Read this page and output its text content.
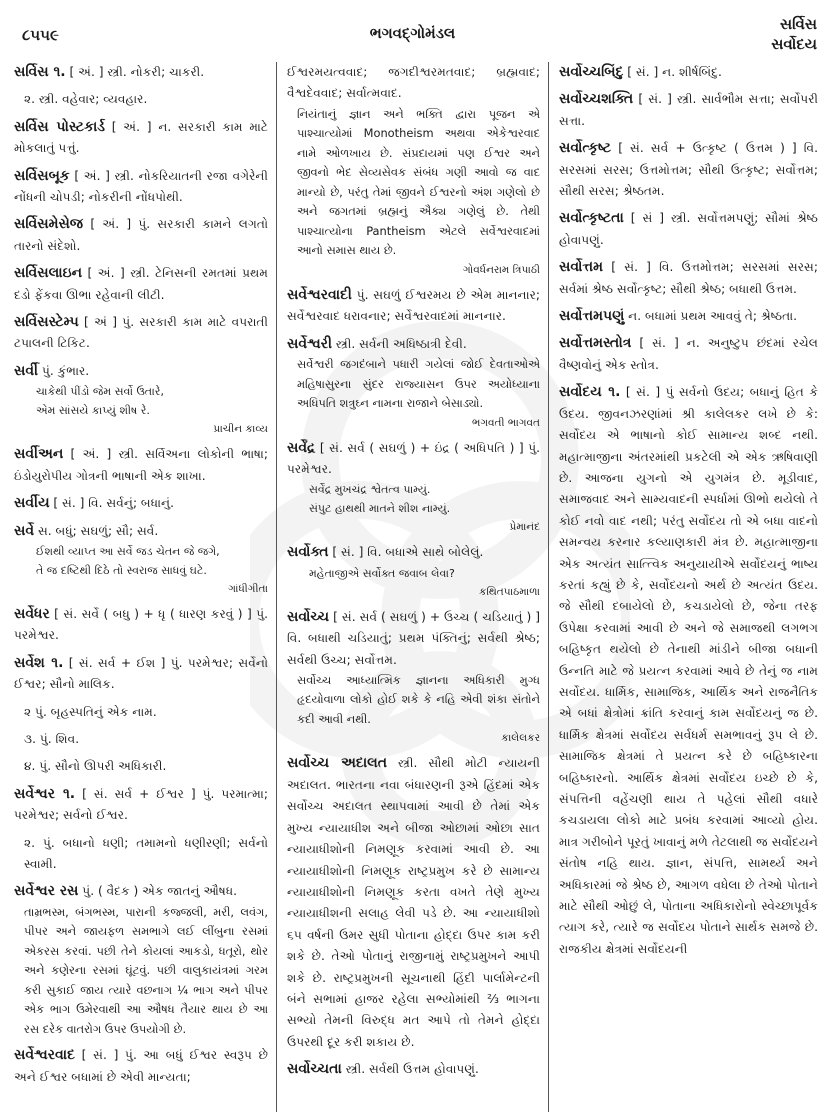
૮૫૫૯	ભગવદ્ગોમંડલ	સર્વિસ
સર્વોદય
સર્વિસ ૧. [ અં. ] સ્ત્રી. નોકરી; ચાકરી.
૨. સ્ત્રી. વહેવાર; વ્યવહાર.
સર્વિસ પોસ્ટકાર્ડ [ અં. ] ન. સરકારી કામ માટે મોકલાતું પત્તું.
સર્વિસબૂક [ અં. ] સ્ત્રી. નોકરિયાતની રજા વગેરેની નોંધની ચોપડી; નોકરીની નોંધપોથી.
સર્વિસમેસેજ [ અં. ] પું. સરકારી કામને લગતો તારનો સંદેશો.
સર્વિસલાઇન [ અં. ] સ્ત્રી. ટેનિસની રમતમાં પ્રથમ દડો ફેંકવા ઊભા રહેવાની લીટી.
સર્વિસસ્ટેમ્પ [ અં ] પું. સરકારી કામ માટે વપરાતી ટપાલની ટિકિટ.
સર્વી પું. કુંભાર.
ચાકેથી પીંડો જેમ સર્વો ઉતારે,
એમ સાંસયે કાપ્યું શીષ રે.
પ્રાચીન કાવ્ય
સર્વીઅન [ અં. ] સ્ત્રી. સર્વિઅના લોકોની ભાષા; ઇંડોયુરોપીય ગોત્રની ભાષાની એક શાખા.
સર્વીય [ સં. ] વિ. સર્વનું; બધાનું.
સર્વે સ. બધું; સઘળું; સૌ; સર્વ.
ઈશથી વ્યાપ્ત આ સર્વે જડ ચેતન જે જગે,
તે જ દષ્ટિથી દિઠે તો સ્વરાજ સાધવું ઘટે.
ગાંધીગીતા
સર્વેધર [ સં. સર્વે ( બધુ ) + ધૃ ( ધારણ કરવું ) ] પું. પરમેશ્વર.
સર્વેશ ૧. [ સં. સર્વ + ઈશ ] પું. પરમેશ્વર; સર્વેનો ઈશ્વર; સૌનો માલિક.
૨ પું. બૃહસ્પતિનું એક નામ.
૩. પું. શિવ.
૪. પું. સૌનો ઊપરી અધિકારી.
સર્વેશ્વર ૧. [ સં. સર્વ + ઈશ્વર ] પું. પરમાત્મા; પરમેશ્વર; સર્વનો ઈશ્વર.
૨. પું. બધાનો ધણી; તમામનો ધણીરણી; સર્વનો સ્વામી.
સર્વેશ્વર રસ પું. ( વૈદક ) એક જાતનું ઔષધ.
તામ્રભસ્મ, બંગભસ્મ, પારાની કજ્જલી, મરી, લવંગ, પીપર અને જાયફળ સમભાગે લઈ લીંબુના રસમાં એકરસ કરવાં. પછી તેને કોયલાં આકડો, ધતૂરો, થોર અને કણેરના રસમાં ઘૂંટવું. પછી વાલુકાયંત્રમાં ગરમ કરી સુકાઈ જાય ત્યારે વછનાગ ¼ ભાગ અને પીપર એક ભાગ ઉમેરવાથી આ ઔષધ તૈયાર થાય છે આ રસ દરેક વાતરોગ ઉપર ઉપયોગી છે.
સર્વેશ્વરવાદ [ સં. ] પું. આ બધું ઈશ્વર સ્વરૂપ છે અને ઈશ્વર બધામાં છે એવી માન્યતા;
ઈશ્વરમયત્વવાદ; જગદીશ્વરમતવાદ; બ્રહ્મવાદ; વૈશ્વદેવવાદ; સર્વાત્મવાદ.
નિયંતાનું જ્ઞાન અને ભક્તિ દ્વારા પૂજન એ પાશ્ચાત્યોમાં Monotheism અથવા એકેશ્વરવાદ નામે ઓળખાય છે. સંપ્રદાયમાં પણ ઈશ્વર અને જીવનો ભેદ સેવ્યસેવક સંબંધ ગણી આવો જ વાદ માન્યો છે, પરંતુ તેમાં જીવને ઈશ્વરનો અંશ ગણેલો છે અને જગતમાં બ્રહ્મનું ઐક્ય ગણેલું છે. તેથી પાશ્ચાત્યોના Pantheism એટલે સર્વેશ્વરવાદમાં આનો સમાસ થાય છે.
ગોવર્ધનરામ ત્રિપાઠી
સર્વેશ્વરવાદી પું. સઘળું ઈશ્વરમય છે એમ માનનાર; સર્વેશ્વરવાદ ધરાવનાર; સર્વેશ્વરવાદમાં માનનાર.
સર્વેશ્વરી સ્ત્રી. સર્વની અધિષ્ઠાત્રી દેવી.
સર્વેશ્વરી જગદંબાને પધારી ગયેલાં જોઈ દેવતાઓએ મહિષાસુરના સુંદર રાજ્યાસન ઉપર અયોધ્યાના અધિપતિ શત્રુઘ્ન નામના રાજાને બેસાડ્યો.
ભગવતી ભાગવત
સર્વેંદ્ર [ સં. સર્વ ( સઘળું ) + ઇંદ્ર ( અધિપતિ ) ] પું. પરમેશ્વર.
સર્વેંદ્ર મુખચંદ્ર શ્વેતત્વ પામ્યું.
સંપુટ હાથથી માતને શીશ નામ્યું.
પ્રેમાનંદ
સર્વોક્ત [ સં. ] વિ. બધાએ સાથે બોલેલું.
મહેતાજીએ સર્વોક્ત જવાબ લેવા?
કથિતપાઠમાળા
સર્વોચ્ચ [ સં. સર્વ ( સઘળું ) + ઉચ્ચ ( ચડિયાતું ) ] વિ. બધાથી ચડિયાતું; પ્રથમ પંક્તિનું; સર્વથી શ્રેષ્ઠ; સર્વથી ઉચ્ચ; સર્વોત્તમ.
સર્વોચ્ચ આધ્યાત્મિક જ્ઞાનના અધિકારી મુગ્ધ હૃદયોવાળા લોકો હોઈ શકે કે નહિ એવી શંકા સંતોને કદી આવી નથી.
કાલેલકર
સર્વોચ્ચ અદાલત સ્ત્રી. સૌથી મોટી ન્યાયની અદાલત. ભારતના નવા બંધારણની રૂએ હિંદમાં એક સર્વોચ્ચ અદાલત સ્થાપવામાં આવી છે તેમાં એક મુખ્ય ન્યાયાધીશ અને બીજા ઓછામાં ઓછા સાત ન્યાયાધીશોની નિમણૂક કરવામાં આવી છે. આ ન્યાયાધીશોની નિમણૂક રાષ્ટ્રપ્રમુખ કરે છે સામાન્ય ન્યાયાધીશોની નિમણૂક કરતા વખતે તેણે મુખ્ય ન્યાયાધીશની સલાહ લેવી પડે છે. આ ન્યાયાધીશો ૬૫ વર્ષની ઉમર સુધી પોતાના હોદ્દા ઉપર કામ કરી શકે છે. તેઓ પોતાનું રાજીનામું રાષ્ટ્રપ્રમુખને આપી શકે છે. રાષ્ટ્રપ્રમુખની સૂચનાથી હિંદી પાર્લામેન્ટની બંને સભામાં હાજર રહેલા સભ્યોમાંથી ⅔ ભાગના સભ્યો તેમની વિરુદ્ધ મત આપે તો તેમને હોદ્દા ઉપરથી દૂર કરી શકાય છે.
સર્વોચ્ચતા સ્ત્રી. સર્વથી ઉત્તમ હોવાપણું.
સર્વોચ્ચબિંદુ [ સં. ] ન. શીર્ષબિંદુ.
સર્વોચ્ચશક્તિ [ સં. ] સ્ત્રી. સાર્વભૌમ સત્તા; સર્વોપરી સત્તા.
સર્વોત્કૃષ્ટ [ સં. સર્વ + ઉત્કૃષ્ટ ( ઉત્તમ ) ] વિ. સરસમાં સરસ; ઉત્તમોત્તમ; સૌથી ઉત્કૃષ્ટ; સર્વોત્તમ; સૌથી સરસ; શ્રેષ્ઠતમ.
સર્વોત્કૃષ્ટતા [ સં ] સ્ત્રી. સર્વોત્તમપણું; સૌમાં શ્રેષ્ઠ હોવાપણું.
સર્વોત્તમ [ સં. ] વિ. ઉત્તમોત્તમ; સરસમાં સરસ; સર્વમાં શ્રેષ્ઠ સર્વોત્કૃષ્ટ; સૌથી શ્રેષ્ઠ; બધાથી ઉત્તમ.
સર્વોત્તમપણું ન. બધામાં પ્રથમ આવવું તે; શ્રેષ્ઠતા.
સર્વોત્તમસ્તોત્ર [ સં. ] ન. અનુષ્ટુપ છંદમાં રચેલ વૈષ્ણવોનું એક સ્તોત્ર.
સર્વોદય ૧. [ સં. ] પું સર્વનો ઉદય; બધાનું હિત કે ઉદય. જીવનઝરણાંમાં શ્રી કાલેલકર લખે છે કે: સર્વોદય એ ભાષાનો કોઈ સામાન્ય શબ્દ નથી. મહાત્માજીના અંતરમાંથી પ્રકટેલી એ એક ઋષિવાણી છે. આજના યુગનો એ યુગમંત્ર છે. મૂડીવાદ, સમાજવાદ અને સામ્યવાદની સ્પર્ધામાં ઊભો થયેલો તે કોઈ નવો વાદ નથી; પરંતુ સર્વોદય તો એ બધા વાદનો સમન્વય કરનાર કલ્યાણકારી મંત્ર છે. મહાત્માજીના એક અત્યંત સાત્ત્વિક અનુયાયીએ સર્વોદયનું ભાષ્ય કરતાં કહ્યું છે કે, સર્વોદયનો અર્થ છે અત્યંત ઉદય. જે સૌથી દબાયેલો છે, કચડાયેલો છે, જેના તરફ ઉપેક્ષા કરવામાં આવી છે અને જે સમાજથી લગભગ બહિષ્કૃત થયેલો છે તેનાથી માંડીને બીજા બધાની ઉન્નતિ માટે જે પ્રયત્ન કરવામાં આવે છે તેનું જ નામ સર્વોદય. ધાર્મિક, સામાજિક, આર્થિક અને રાજનૈતિક એ બધાં ક્ષેત્રોમાં ક્રાંતિ કરવાનું કામ સર્વોદયનું જ છે. ધાર્મિક ક્ષેત્રમાં સર્વોદય સર્વધર્મ સમભાવનું રૂપ લે છે. સામાજિક ક્ષેત્રમાં તે પ્રયત્ન કરે છે બહિષ્કારના બહિષ્કારનો. આર્થિક ક્ષેત્રમાં સર્વોદય ઇચ્છે છે કે, સંપત્તિની વહેંચણી થાય તે પહેલાં સૌથી વધારે કચડાયલા લોકો માટે પ્રબંધ કરવામાં આવ્યો હોય. માત્ર ગરીબોને પૂરતું ખાવાનું મળે તેટલાથી જ સર્વોદયને સંતોષ નહિ થાય. જ્ઞાન, સંપત્તિ, સામર્થ્ય અને અધિકારમાં જે શ્રેષ્ઠ છે, આગળ વધેલા છે તેઓ પોતાને માટે સૌથી ઓછું લે, પોતાના અધિકારોનો સ્વેચ્છાપૂર્વક ત્યાગ કરે, ત્યારે જ સર્વોદય પોતાને સાર્થક સમજે છે. રાજકીય ક્ષેત્રમાં સર્વોદયની
